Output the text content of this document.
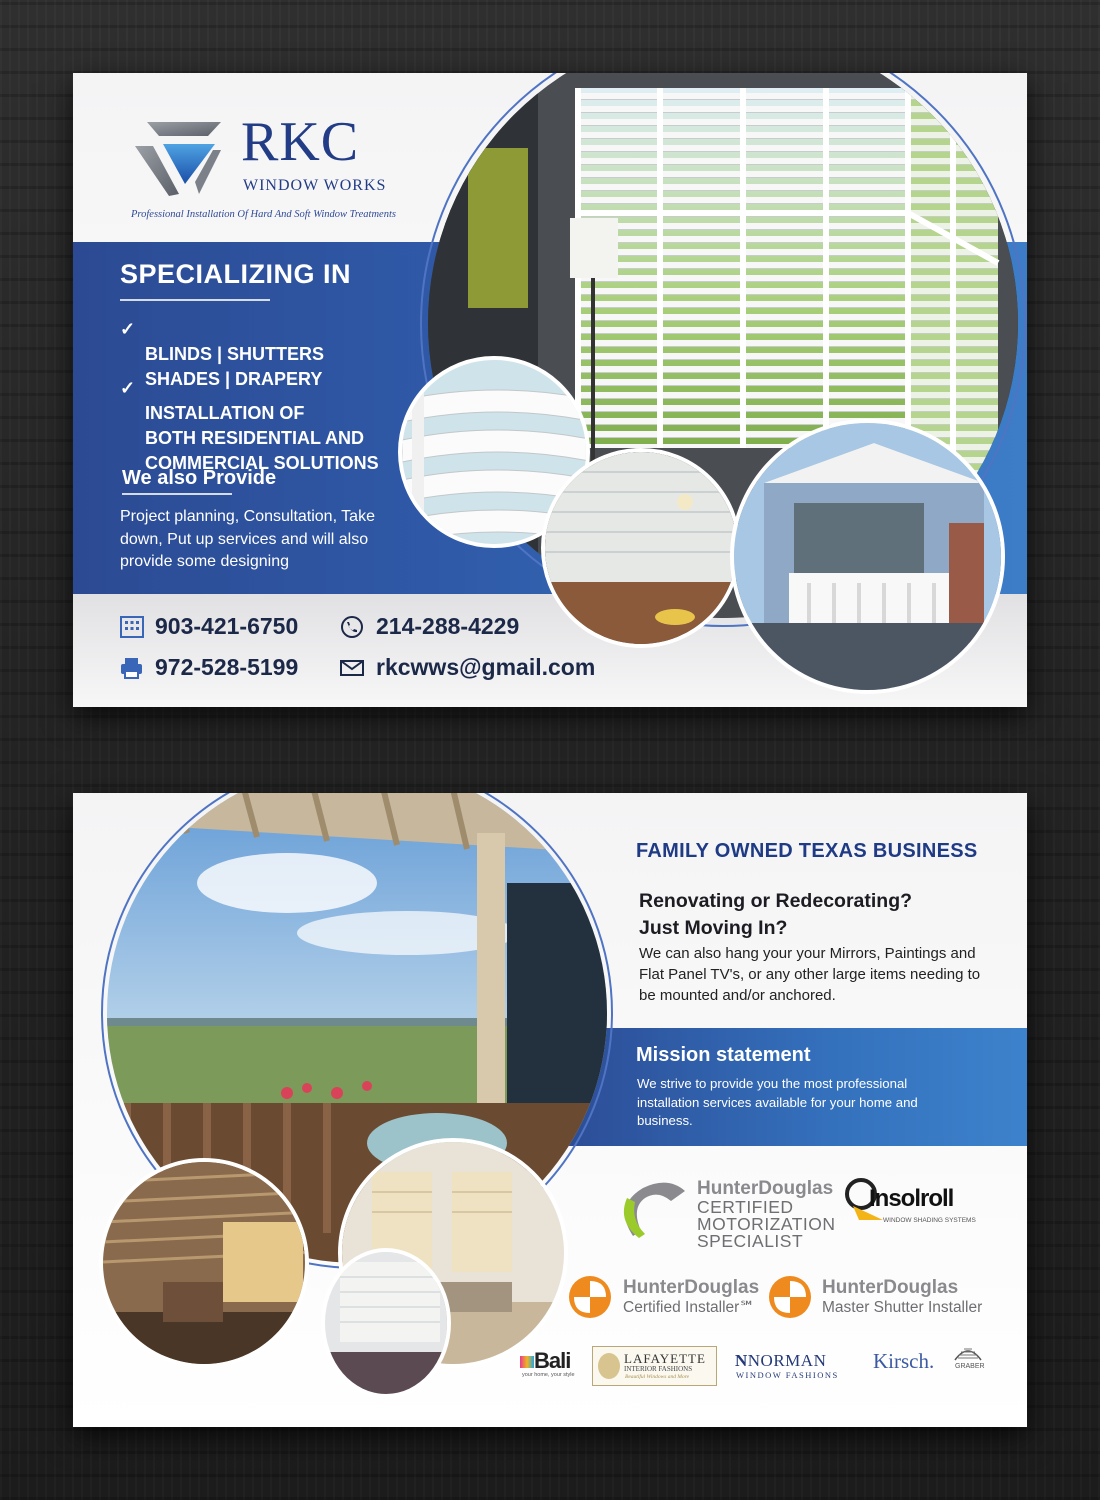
RKC
WINDOW WORKS
Professional Installation Of Hard And Soft Window Treatments
SPECIALIZING IN
✓
BLINDS | SHUTTERS
SHADES | DRAPERY
✓
INSTALLATION OF
BOTH RESIDENTIAL AND
COMMERCIAL SOLUTIONS
We also Provide
Project planning, Consultation, Take down, Put up services and will also provide some designing
903-421-6750	214-288-4229
972-528-5199	rkcwws@gmail.com
FAMILY OWNED TEXAS BUSINESS
Renovating or Redecorating?
Just Moving In?
We can also hang your your Mirrors, Paintings and Flat Panel TV's, or any other large items needing to be mounted and/or anchored.
Mission statement
We strive to provide you the most professional installation services available for your home and business.
HunterDouglas
CERTIFIED
MOTORIZATION
SPECIALIST
Insolroll
WINDOW SHADING SYSTEMS
HunterDouglas
Certified Installer℠
HunterDouglas
Master Shutter Installer
Bali
your home, your style
LAFAYETTE
INTERIOR FASHIONS
Beautiful Windows and More
NNORMAN
WINDOW FASHIONS
Kirsch.	GRABER
